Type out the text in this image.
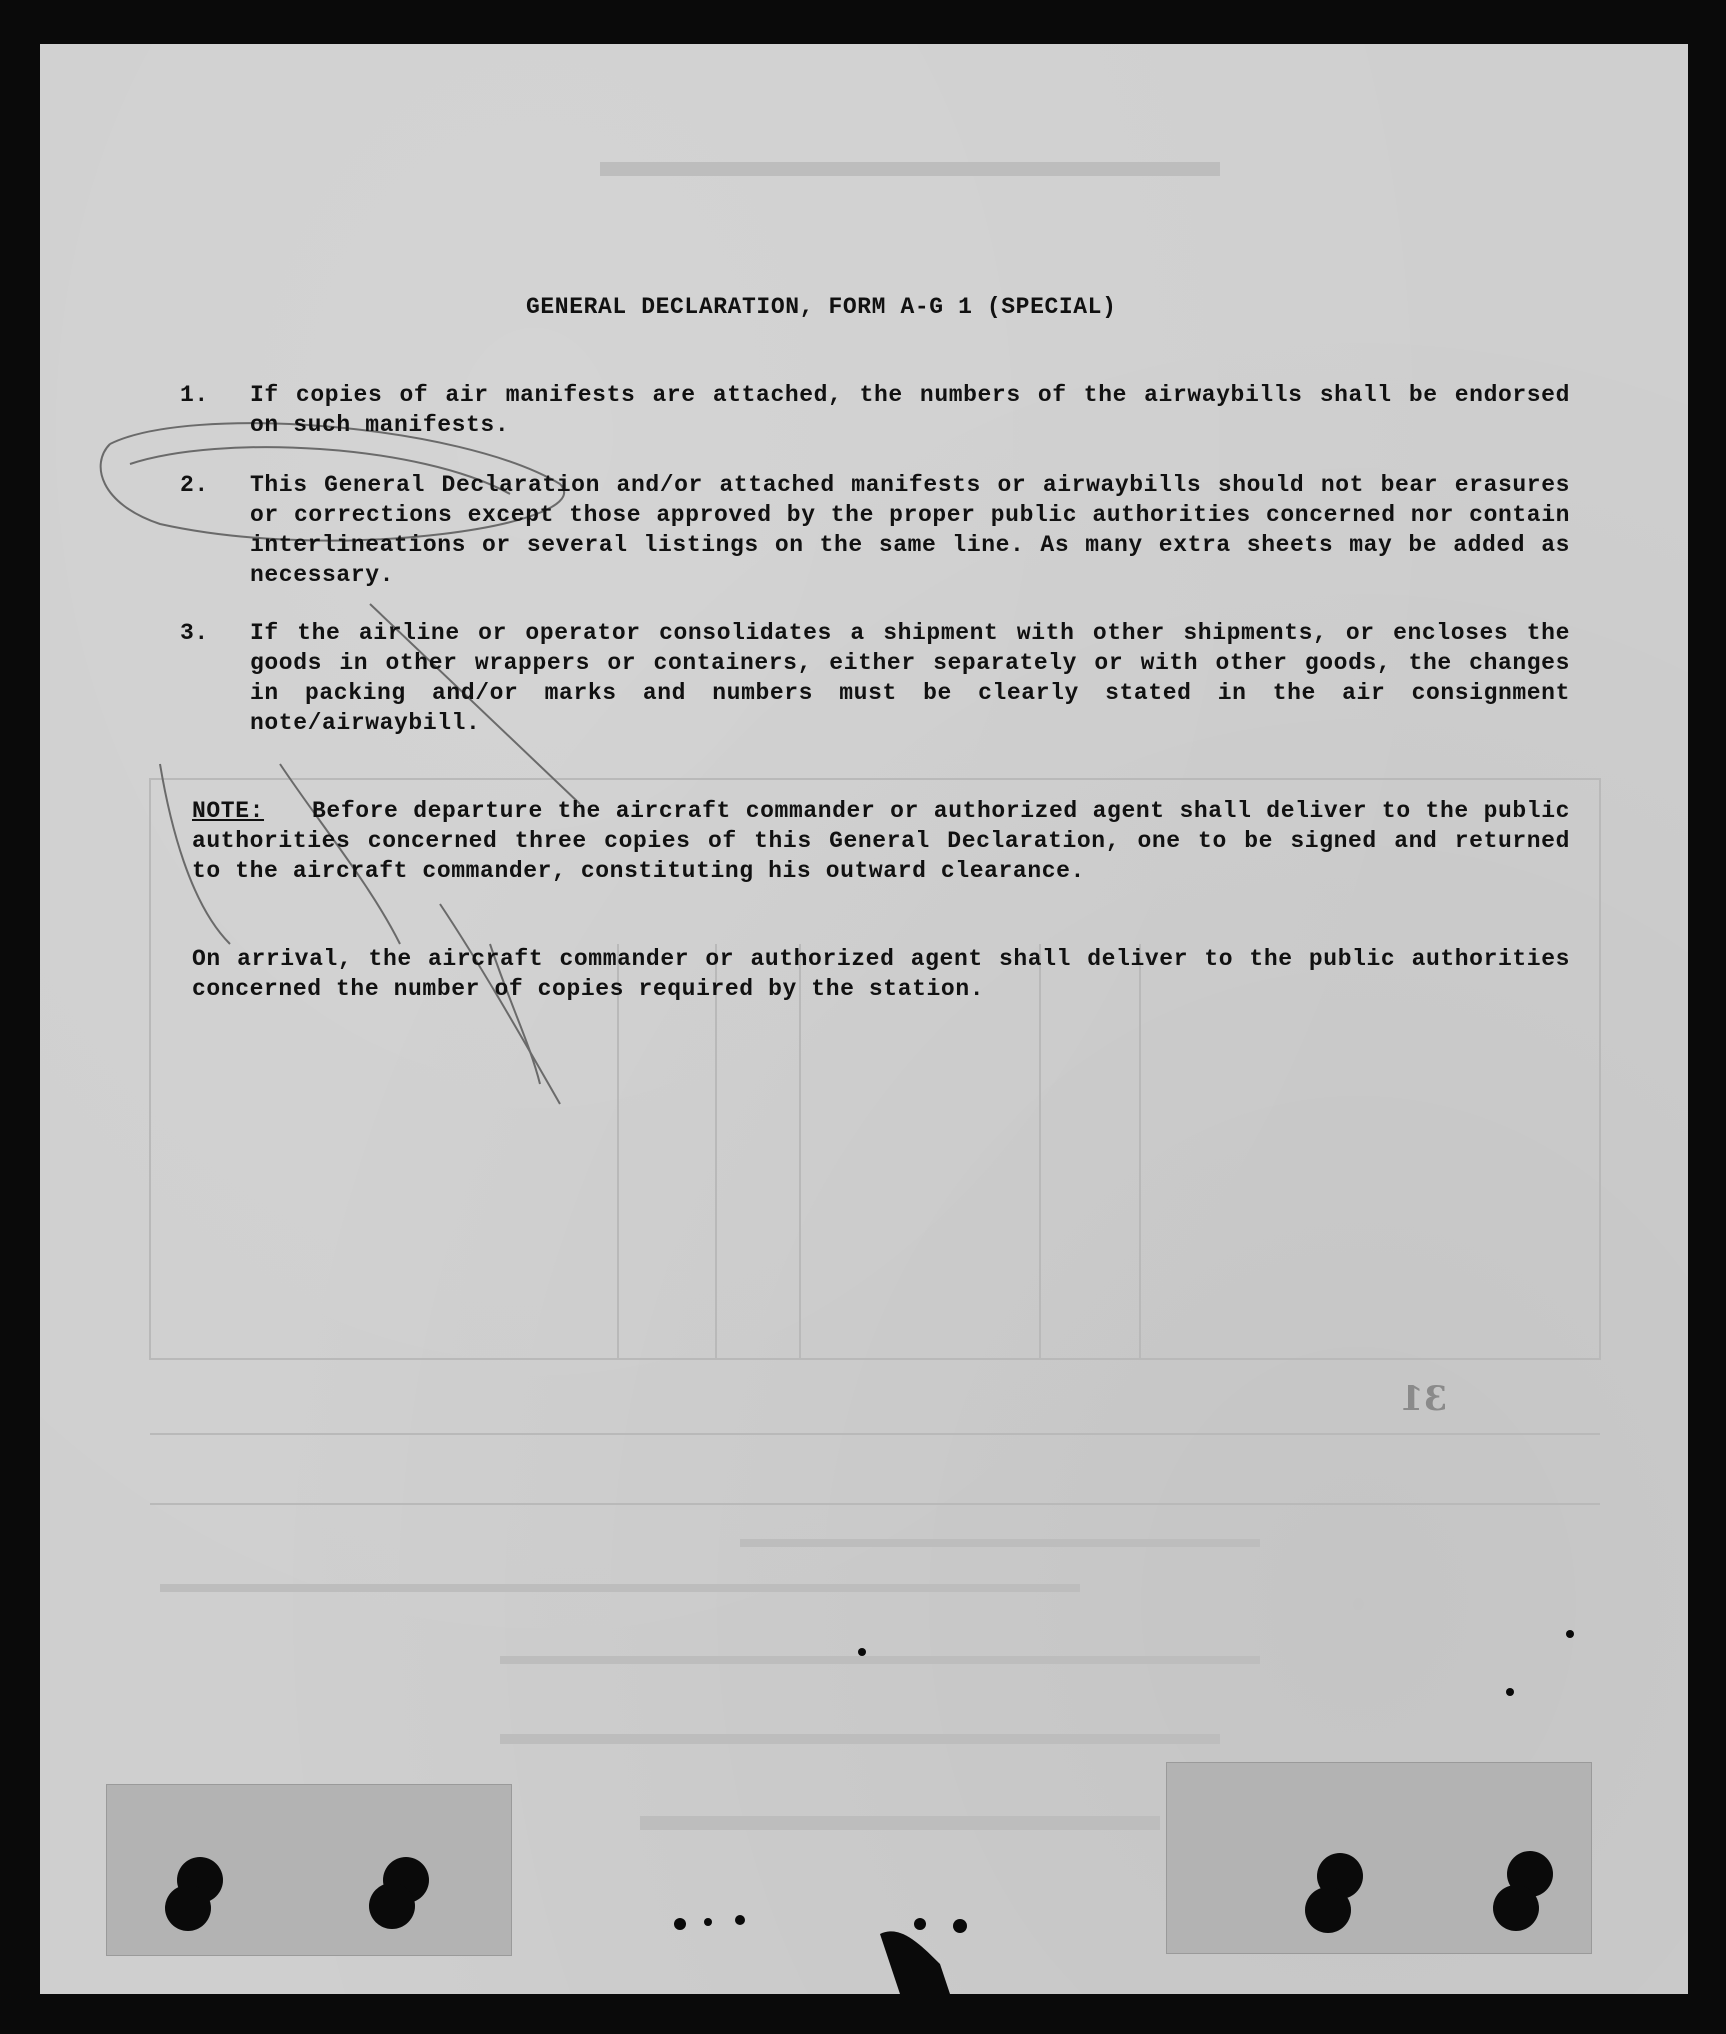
GENERAL DECLARATION, FORM A-G 1 (SPECIAL)
1. If copies of air manifests are attached, the numbers of the airwaybills shall be endorsed on such manifests.
2. This General Declaration and/or attached manifests or airwaybills should not bear erasures or corrections except those approved by the proper public authorities concerned nor contain interlineations or several listings on the same line. As many extra sheets may be added as necessary.
3. If the airline or operator consolidates a shipment with other shipments, or encloses the goods in other wrappers or containers, either separately or with other goods, the changes in packing and/or marks and numbers must be clearly stated in the air consignment note/airwaybill.
NOTE: Before departure the aircraft commander or authorized agent shall deliver to the public authorities concerned three copies of this General Declaration, one to be signed and returned to the aircraft commander, constituting his outward clearance.
On arrival, the aircraft commander or authorized agent shall deliver to the public authorities concerned the number of copies required by the station.
31
